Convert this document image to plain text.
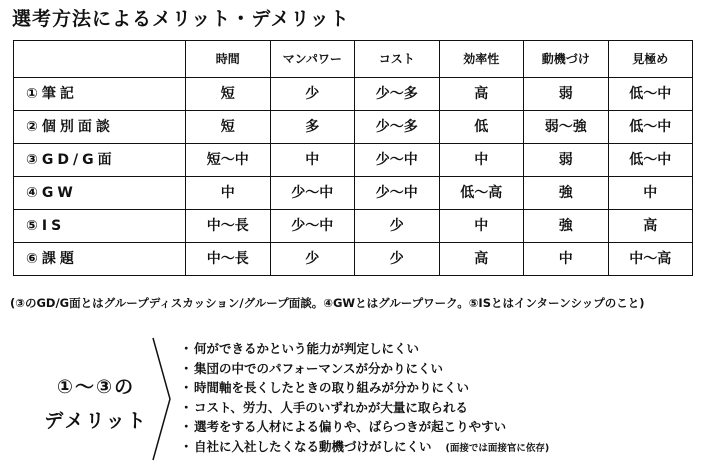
選考方法によるメリット・デメリット
	時間	マンパワー	コスト	効率性	動機づけ	見極め
①筆記	短	少	少～多	高	弱	低～中
②個別面談	短	多	少～多	低	弱～強	低～中
③GD/G面	短～中	中	少～中	中	弱	低～中
④GW	中	少～中	少～中	低～高	強	中
⑤IS	中～長	少～中	少	中	強	高
⑥課題	中～長	少	少	高	中	中～高
(③のGD/G面とはグループディスカッション/グループ面談。④GWとはグループワーク。⑤ISとはインターンシップのこと)
①～③の
デメリット
・何ができるかという能力が判定しにくい
・集団の中でのパフォーマンスが分かりにくい
・時間軸を長くしたときの取り組みが分かりにくい
・コスト、労力、人手のいずれかが大量に取られる
・選考をする人材による偏りや、ばらつきが起こりやすい
・自社に入社したくなる動機づけがしにくい (面接では面接官に依存)
